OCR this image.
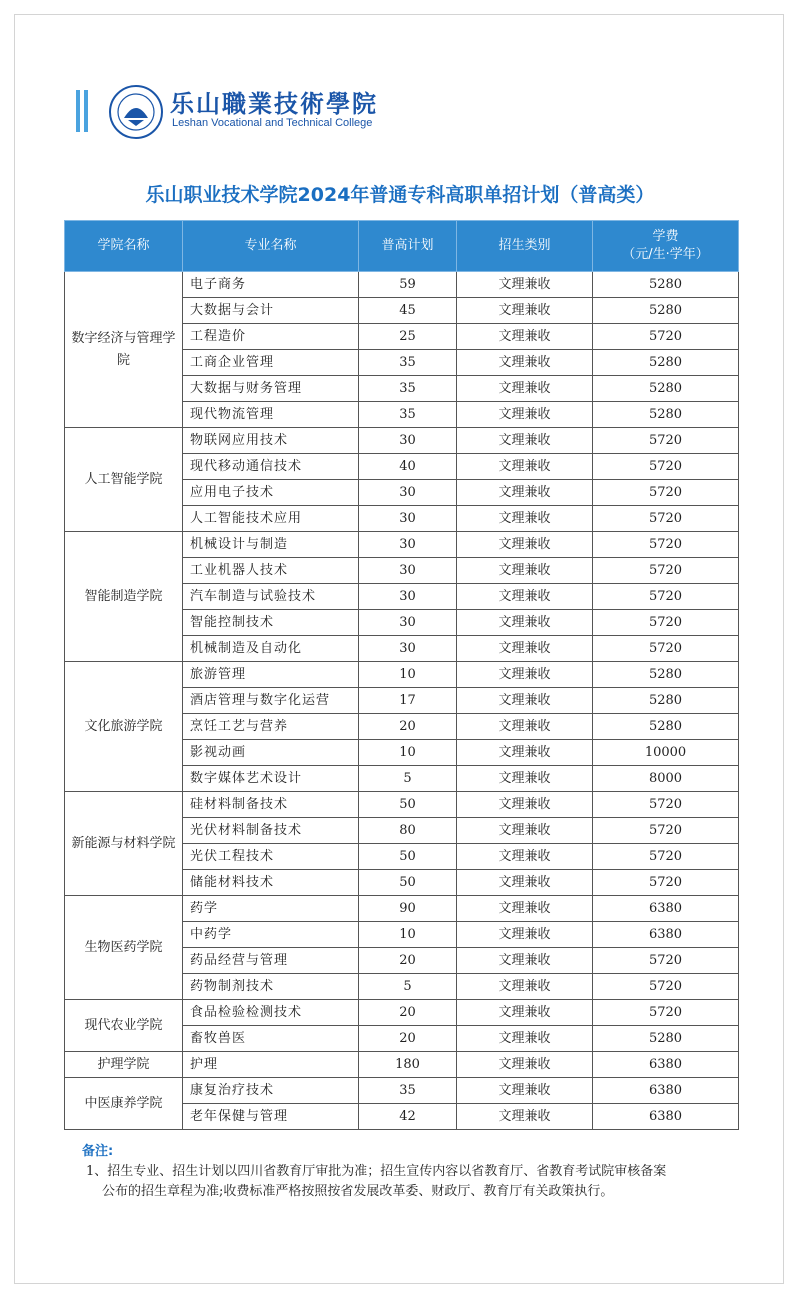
乐山職業技術學院
Leshan Vocational and Technical College
乐山职业技术学院2024年普通专科高职单招计划（普高类）
学院名称	专业名称	普高计划	招生类别	学费
（元/生·学年）

数字经济与管理学院	电子商务	59	文理兼收	5280
	大数据与会计	45	文理兼收	5280
	工程造价	25	文理兼收	5720
	工商企业管理	35	文理兼收	5280
	大数据与财务管理	35	文理兼收	5280
	现代物流管理	35	文理兼收	5280
人工智能学院	物联网应用技术	30	文理兼收	5720
	现代移动通信技术	40	文理兼收	5720
	应用电子技术	30	文理兼收	5720
	人工智能技术应用	30	文理兼收	5720
智能制造学院	机械设计与制造	30	文理兼收	5720
	工业机器人技术	30	文理兼收	5720
	汽车制造与试验技术	30	文理兼收	5720
	智能控制技术	30	文理兼收	5720
	机械制造及自动化	30	文理兼收	5720
文化旅游学院	旅游管理	10	文理兼收	5280
	酒店管理与数字化运营	17	文理兼收	5280
	烹饪工艺与营养	20	文理兼收	5280
	影视动画	10	文理兼收	10000
	数字媒体艺术设计	5	文理兼收	8000
新能源与材料学院	硅材料制备技术	50	文理兼收	5720
	光伏材料制备技术	80	文理兼收	5720
	光伏工程技术	50	文理兼收	5720
	储能材料技术	50	文理兼收	5720
生物医药学院	药学	90	文理兼收	6380
	中药学	10	文理兼收	6380
	药品经营与管理	20	文理兼收	5720
	药物制剂技术	5	文理兼收	5720
现代农业学院	食品检验检测技术	20	文理兼收	5720
	畜牧兽医	20	文理兼收	5280
护理学院	护理	180	文理兼收	6380
中医康养学院	康复治疗技术	35	文理兼收	6380
	老年保健与管理	42	文理兼收	6380
备注:
1、招生专业、招生计划以四川省教育厅审批为准；招生宣传内容以省教育厅、省教育考试院审核备案
公布的招生章程为准;收费标准严格按照按省发展改革委、财政厅、教育厅有关政策执行。
